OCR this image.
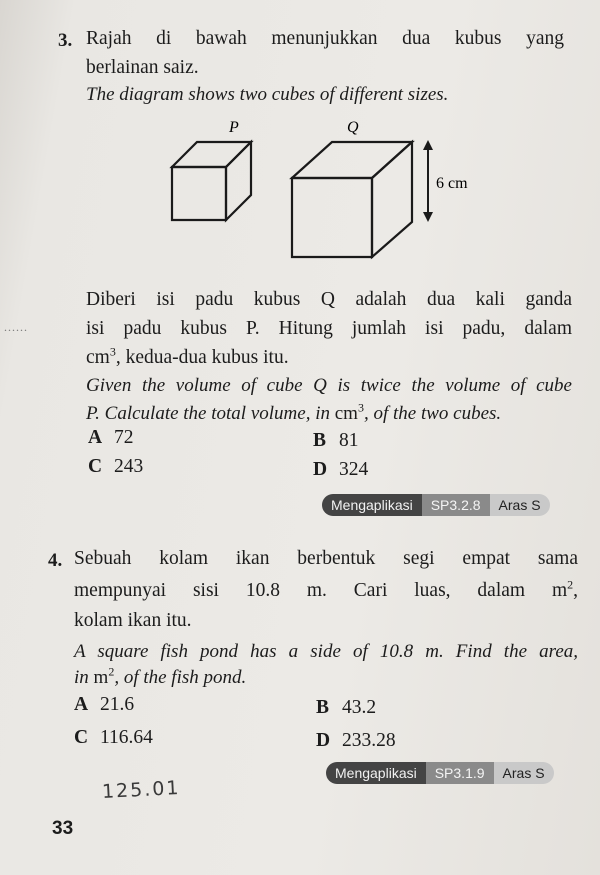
3. Rajah di bawah menunjukkan dua kubus yang
berlainan saiz.
The diagram shows two cubes of different sizes.
P	Q
6 cm
......
Diberi isi padu kubus Q adalah dua kali ganda
isi padu kubus P. Hitung jumlah isi padu, dalam
$cm^3$, kedua-dua kubus itu.
Given the volume of cube Q is twice the volume of cube
P. Calculate the total volume, in $cm^3$, of the two cubes.
A 72	B 81
C 243	D 324
Mengaplikasi	SP3.2.8	Aras S
4. Sebuah kolam ikan berbentuk segi empat sama
mempunyai sisi 10.8 m. Cari luas, dalam $m^2$,
kolam ikan itu.
A square fish pond has a side of 10.8 m. Find the area,
in $m^2$, of the fish pond.
A 21.6	B 43.2
C 116.64	D 233.28
Mengaplikasi	SP3.1.9	Aras S
125.01
33
